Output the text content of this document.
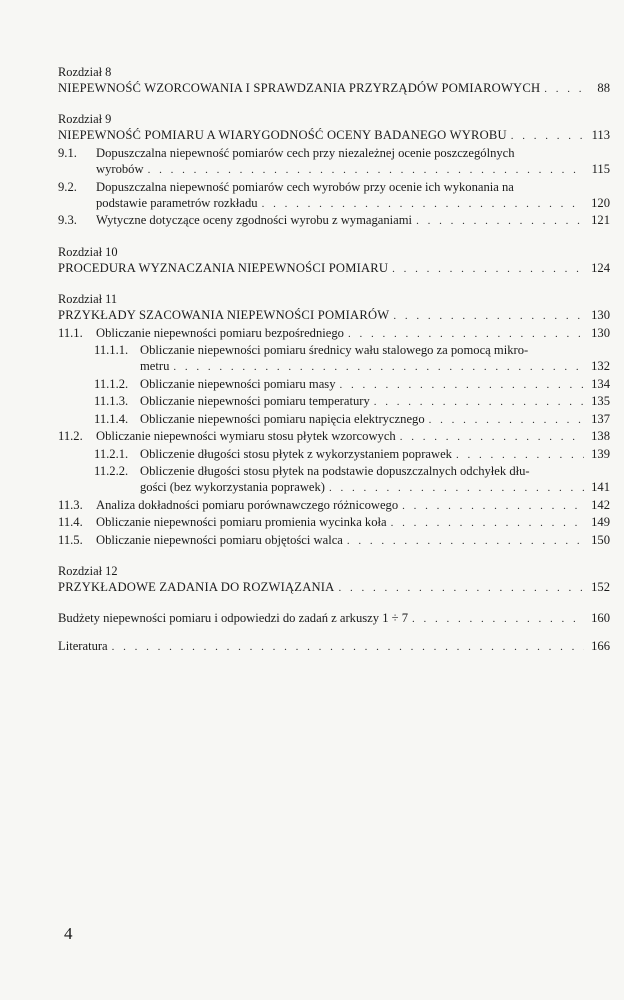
Rozdział 8
NIEPEWNOŚĆ WZORCOWANIA I SPRAWDZANIA PRZYRZĄDÓW POMIAROWYCH . . .	88
Rozdział 9
NIEPEWNOŚĆ POMIARU A WIARYGODNOŚĆ OCENY BADANEGO WYROBU . . .	113
9.1.	Dopuszczalna niepewność pomiarów cech przy niezależnej ocenie poszczególnych
wyrobów . . .	115
9.2.	Dopuszczalna niepewność pomiarów cech wyrobów przy ocenie ich wykonania na
podstawie parametrów rozkładu . . .	120
9.3.	Wytyczne dotyczące oceny zgodności wyrobu z wymaganiami . . .	121
Rozdział 10
PROCEDURA WYZNACZANIA NIEPEWNOŚCI POMIARU . . .	124
Rozdział 11
PRZYKŁADY SZACOWANIA NIEPEWNOŚCI POMIARÓW . . .	130
11.1.	Obliczanie niepewności pomiaru bezpośredniego . . .	130
11.1.1. Obliczanie niepewności pomiaru średnicy wału stalowego za pomocą mikro-
metru . . .	132
11.1.2. Obliczanie niepewności pomiaru masy . . .	134
11.1.3. Obliczanie niepewności pomiaru temperatury . . .	135
11.1.4. Obliczanie niepewności pomiaru napięcia elektrycznego . . .	137
11.2.	Obliczanie niepewności wymiaru stosu płytek wzorcowych . . .	138
11.2.1. Obliczenie długości stosu płytek z wykorzystaniem poprawek . . .	139
11.2.2. Obliczenie długości stosu płytek na podstawie dopuszczalnych odchyłek dłu-
gości (bez wykorzystania poprawek) . . .	141
11.3.	Analiza dokładności pomiaru porównawczego różnicowego . . .	142
11.4.	Obliczanie niepewności pomiaru promienia wycinka koła . . .	149
11.5.	Obliczanie niepewności pomiaru objętości walca . . .	150
Rozdział 12
PRZYKŁADOWE ZADANIA DO ROZWIĄZANIA . . .	152
Budżety niepewności pomiaru i odpowiedzi do zadań z arkuszy 1 ÷ 7 . . .	160
Literatura . . .	166
4
